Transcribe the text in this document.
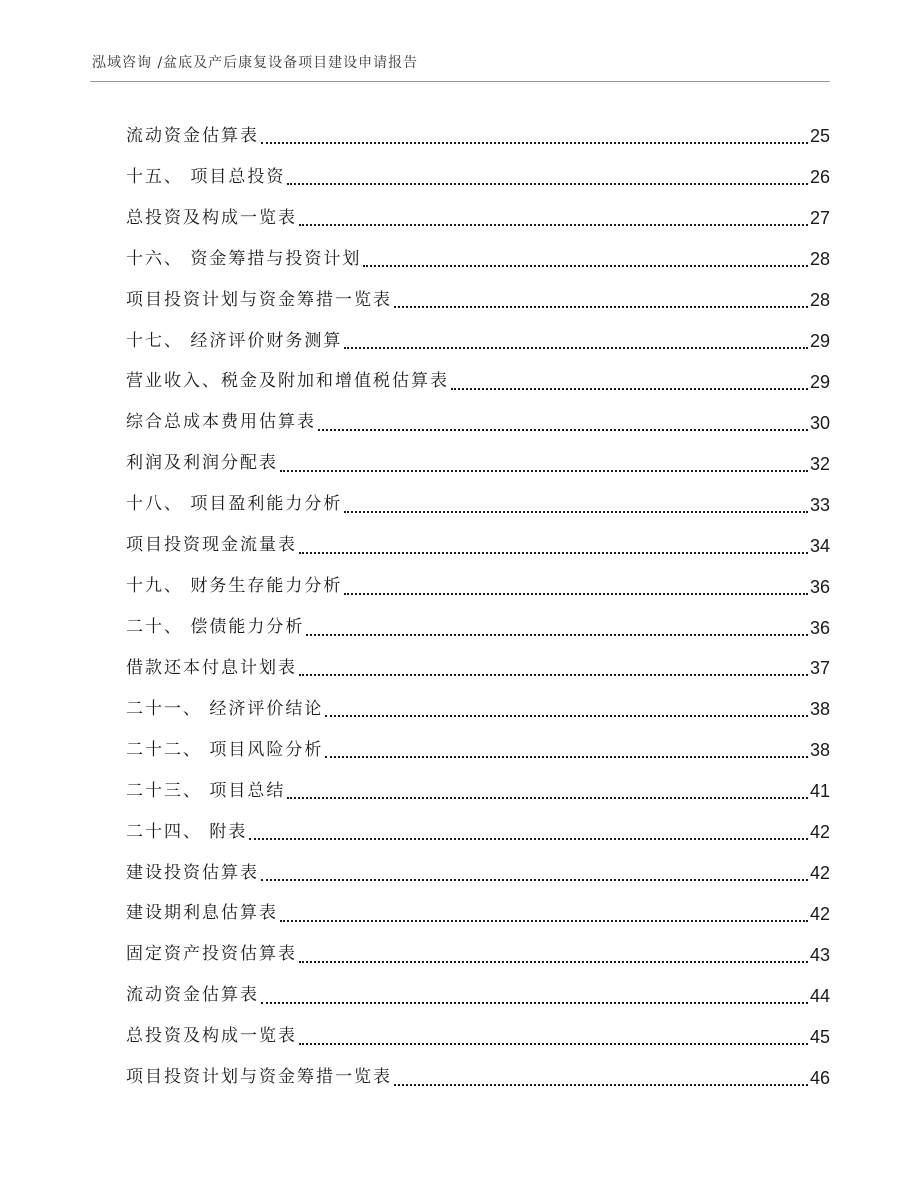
泓域咨询 /盆底及产后康复设备项目建设申请报告
流动资金估算表	25
十五、 项目总投资	26
总投资及构成一览表	27
十六、 资金筹措与投资计划	28
项目投资计划与资金筹措一览表	28
十七、 经济评价财务测算	29
营业收入、税金及附加和增值税估算表	29
综合总成本费用估算表	30
利润及利润分配表	32
十八、 项目盈利能力分析	33
项目投资现金流量表	34
十九、 财务生存能力分析	36
二十、 偿债能力分析	36
借款还本付息计划表	37
二十一、 经济评价结论	38
二十二、 项目风险分析	38
二十三、 项目总结	41
二十四、 附表	42
建设投资估算表	42
建设期利息估算表	42
固定资产投资估算表	43
流动资金估算表	44
总投资及构成一览表	45
项目投资计划与资金筹措一览表	46
